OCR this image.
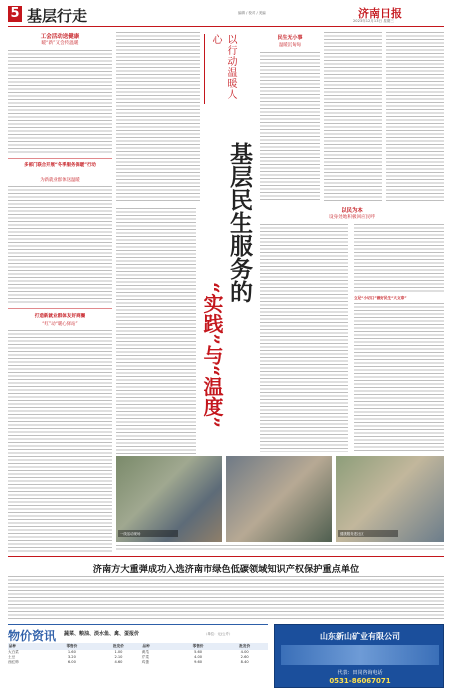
5 基层行走	编辑 / 校对 / 美编	济南日报
2023年12月13日 星期三
工会活动送健康
暖“新”又会传温暖
多部门联合开展“冬季服务保暖”行动
为新就业群体送温暖
打造新就业群体友好商圈
“红”动“暖心驿站”
以行动温暖人心
基层民生服务的
“实践”与“温度”
民生无小事
温暖沉甸甸
以民为本
设身处地积极回应民呼
立足“小切口”做好民生“大文章”
一线活动现场	健康服务进社区
济南方大重弹成功入选济南市绿色低碳领域知识产权保护重点单位
物价资讯 蔬菜、粮油、淡水鱼、禽、蛋报价	（单位：元/公斤）
品种	零售价	批发价	品种	零售价	批发价
大白菜	1.60	1.00	黄瓜	5.60	4.00
土豆	3.20	2.10	芹菜	4.00	2.60
西红柿	6.00	4.60	鸡蛋	9.60	8.40
山东新山矿业有限公司
代表：田岗咨询电话
0531-86067071
